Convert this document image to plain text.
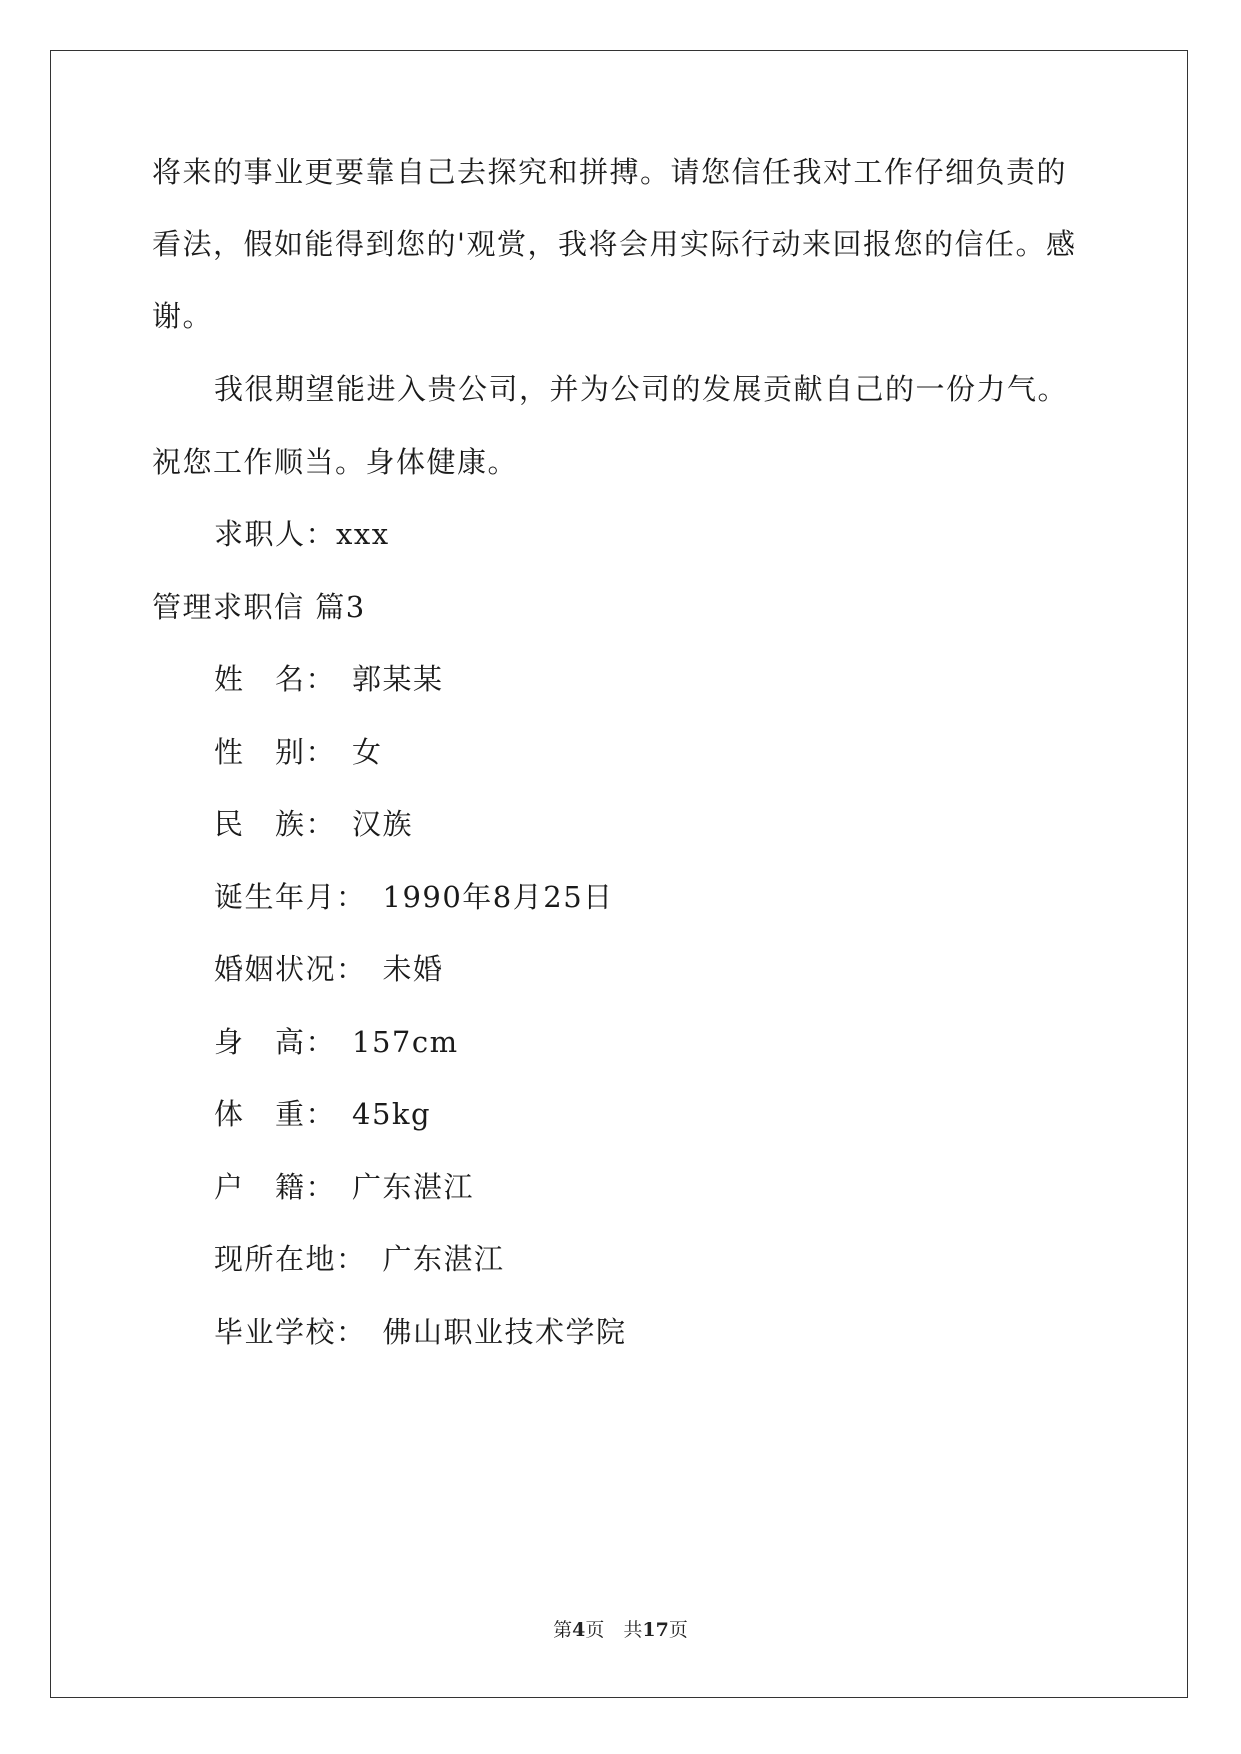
将来的事业更要靠自己去探究和拼搏。请您信任我对工作仔细负责的
看法，假如能得到您的'观赏，我将会用实际行动来回报您的信任。感
谢。
我很期望能进入贵公司，并为公司的发展贡献自己的一份力气。
祝您工作顺当。身体健康。
求职人：xxx
管理求职信 篇3
姓　名：　郭某某
性　别：　女
民　族：　汉族
诞生年月：　1990年8月25日
婚姻状况：　未婚
身　高：　157cm
体　重：　45kg
户　籍：　广东湛江
现所在地：　广东湛江
毕业学校：　佛山职业技术学院
第4页　共17页
